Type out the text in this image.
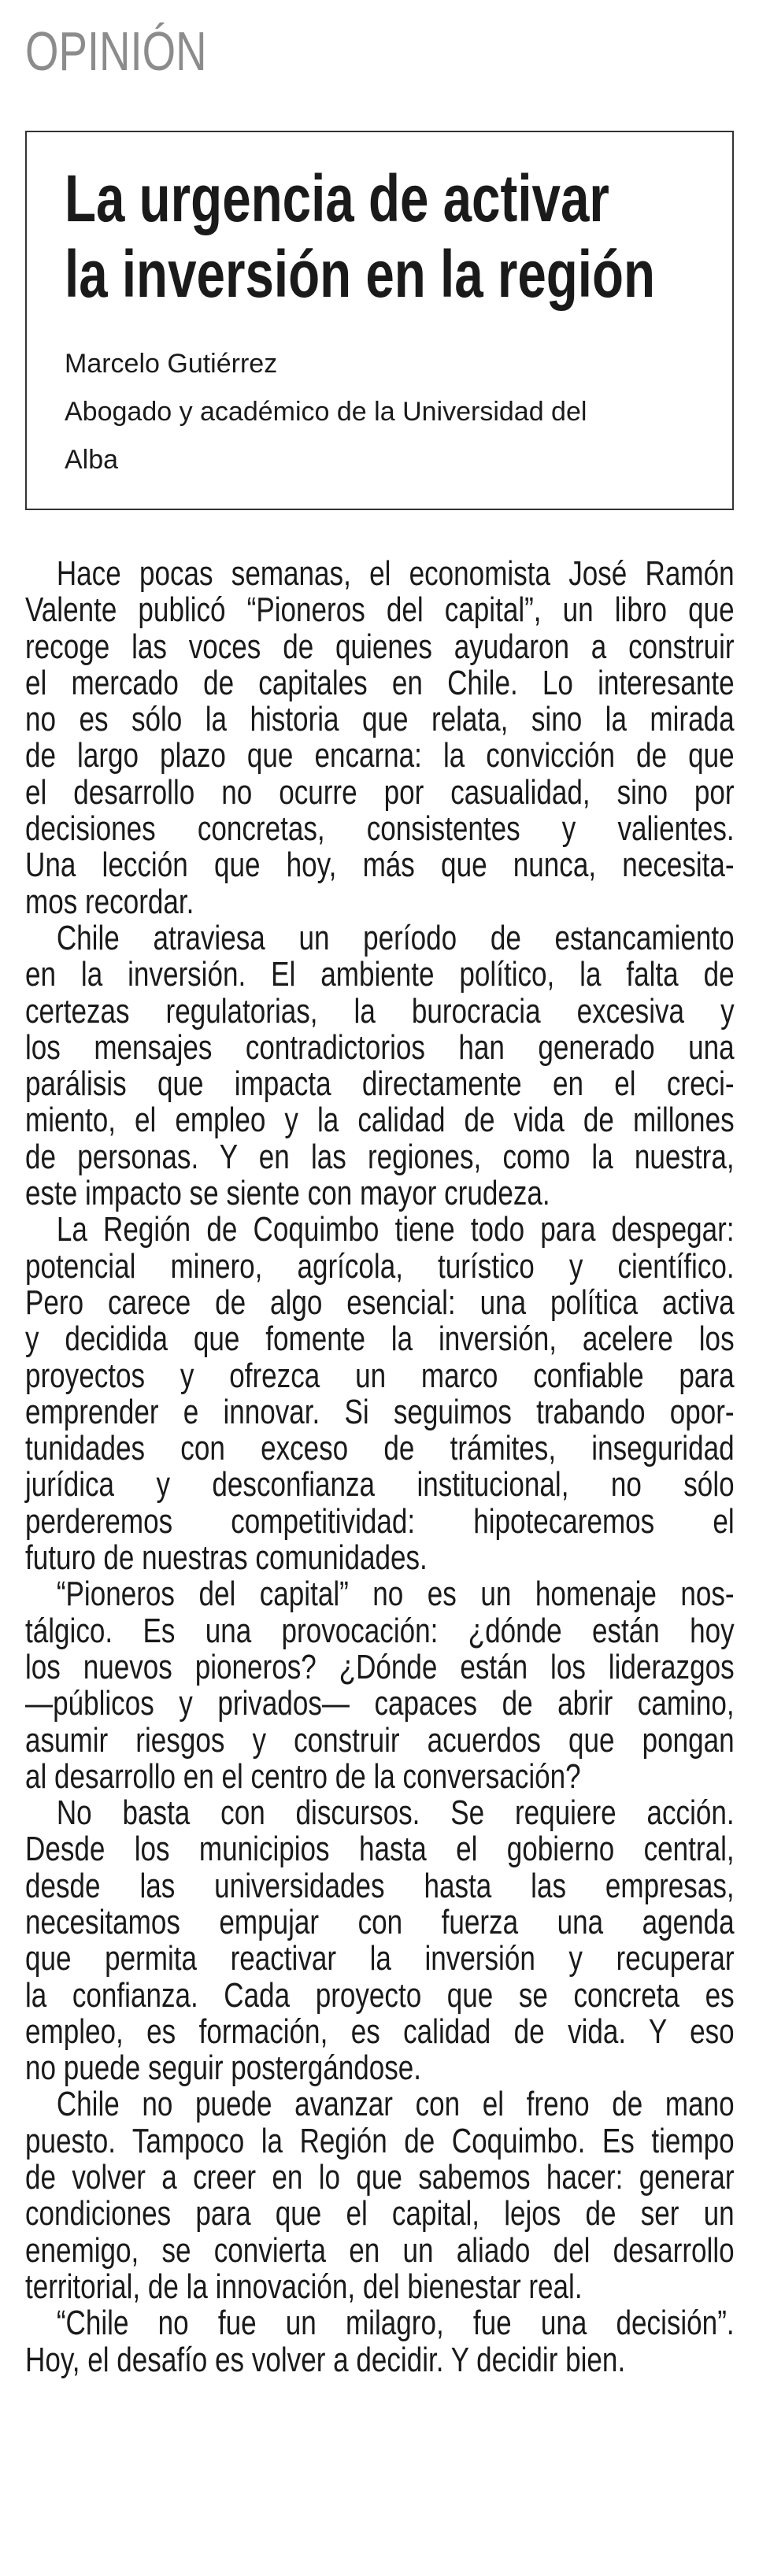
OPINIÓN
La urgencia de activar
la inversión en la región
Marcelo Gutiérrez
Abogado y académico de la Universidad del
Alba
Hace pocas semanas, el economista José Ramón
Valente publicó “Pioneros del capital”, un libro que
recoge las voces de quienes ayudaron a construir
el mercado de capitales en Chile. Lo interesante
no es sólo la historia que relata, sino la mirada
de largo plazo que encarna: la convicción de que
el desarrollo no ocurre por casualidad, sino por
decisiones concretas, consistentes y valientes.
Una lección que hoy, más que nunca, necesita-
mos recordar.
Chile atraviesa un período de estancamiento
en la inversión. El ambiente político, la falta de
certezas regulatorias, la burocracia excesiva y
los mensajes contradictorios han generado una
parálisis que impacta directamente en el creci-
miento, el empleo y la calidad de vida de millones
de personas. Y en las regiones, como la nuestra,
este impacto se siente con mayor crudeza.
La Región de Coquimbo tiene todo para despegar:
potencial minero, agrícola, turístico y científico.
Pero carece de algo esencial: una política activa
y decidida que fomente la inversión, acelere los
proyectos y ofrezca un marco confiable para
emprender e innovar. Si seguimos trabando opor-
tunidades con exceso de trámites, inseguridad
jurídica y desconfianza institucional, no sólo
perderemos competitividad: hipotecaremos el
futuro de nuestras comunidades.
“Pioneros del capital” no es un homenaje nos-
tálgico. Es una provocación: ¿dónde están hoy
los nuevos pioneros? ¿Dónde están los liderazgos
—públicos y privados— capaces de abrir camino,
asumir riesgos y construir acuerdos que pongan
al desarrollo en el centro de la conversación?
No basta con discursos. Se requiere acción.
Desde los municipios hasta el gobierno central,
desde las universidades hasta las empresas,
necesitamos empujar con fuerza una agenda
que permita reactivar la inversión y recuperar
la confianza. Cada proyecto que se concreta es
empleo, es formación, es calidad de vida. Y eso
no puede seguir postergándose.
Chile no puede avanzar con el freno de mano
puesto. Tampoco la Región de Coquimbo. Es tiempo
de volver a creer en lo que sabemos hacer: generar
condiciones para que el capital, lejos de ser un
enemigo, se convierta en un aliado del desarrollo
territorial, de la innovación, del bienestar real.
“Chile no fue un milagro, fue una decisión”.
Hoy, el desafío es volver a decidir. Y decidir bien.
